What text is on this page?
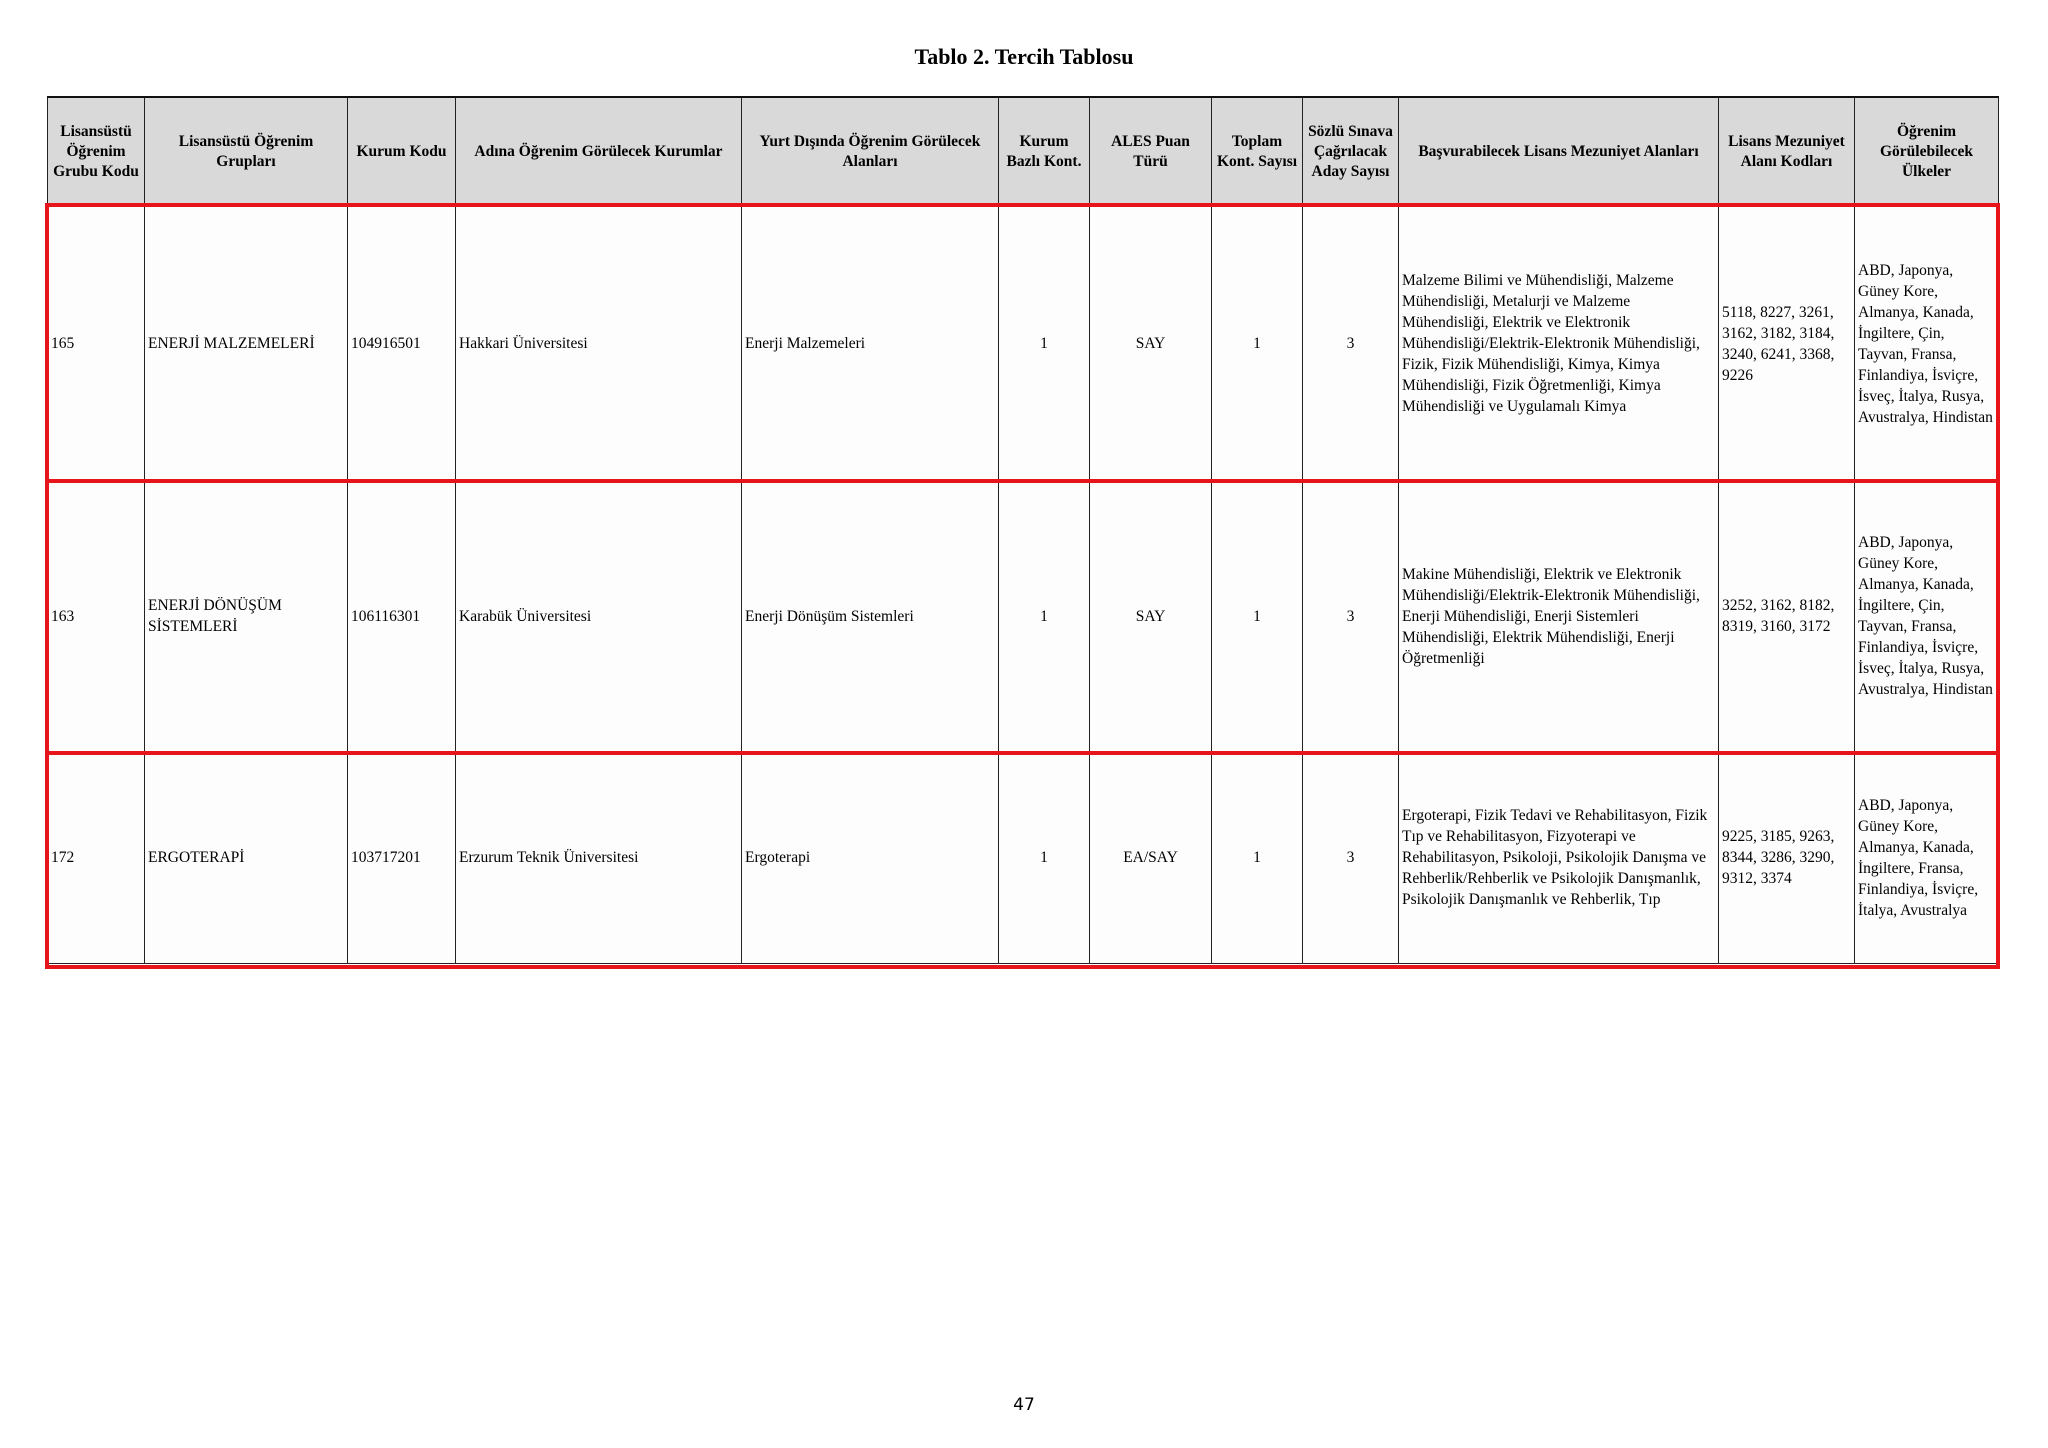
Tablo 2. Tercih Tablosu
Lisansüstü Öğrenim Grubu Kodu	Lisansüstü Öğrenim Grupları	Kurum Kodu	Adına Öğrenim Görülecek Kurumlar	Yurt Dışında Öğrenim Görülecek Alanları	Kurum Bazlı Kont.	ALES Puan Türü	Toplam Kont. Sayısı	Sözlü Sınava Çağrılacak Aday Sayısı	Başvurabilecek Lisans Mezuniyet Alanları	Lisans Mezuniyet Alanı Kodları	Öğrenim Görülebilecek Ülkeler
165	ENERJİ MALZEMELERİ	104916501	Hakkari Üniversitesi	Enerji Malzemeleri	1	SAY	1	3	Malzeme Bilimi ve Mühendisliği, Malzeme Mühendisliği, Metalurji ve Malzeme Mühendisliği, Elektrik ve Elektronik Mühendisliği/Elektrik-Elektronik Mühendisliği, Fizik, Fizik Mühendisliği, Kimya, Kimya Mühendisliği, Fizik Öğretmenliği, Kimya Mühendisliği ve Uygulamalı Kimya	5118, 8227, 3261, 3162, 3182, 3184, 3240, 6241, 3368, 9226	ABD, Japonya, Güney Kore, Almanya, Kanada, İngiltere, Çin, Tayvan, Fransa, Finlandiya, İsviçre, İsveç, İtalya, Rusya, Avustralya, Hindistan
163	ENERJİ DÖNÜŞÜM SİSTEMLERİ	106116301	Karabük Üniversitesi	Enerji Dönüşüm Sistemleri	1	SAY	1	3	Makine Mühendisliği, Elektrik ve Elektronik Mühendisliği/Elektrik-Elektronik Mühendisliği, Enerji Mühendisliği, Enerji Sistemleri Mühendisliği, Elektrik Mühendisliği, Enerji Öğretmenliği	3252, 3162, 8182, 8319, 3160, 3172	ABD, Japonya, Güney Kore, Almanya, Kanada, İngiltere, Çin, Tayvan, Fransa, Finlandiya, İsviçre, İsveç, İtalya, Rusya, Avustralya, Hindistan
172	ERGOTERAPİ	103717201	Erzurum Teknik Üniversitesi	Ergoterapi	1	EA/SAY	1	3	Ergoterapi, Fizik Tedavi ve Rehabilitasyon, Fizik Tıp ve Rehabilitasyon, Fizyoterapi ve Rehabilitasyon, Psikoloji, Psikolojik Danışma ve Rehberlik/Rehberlik ve Psikolojik Danışmanlık, Psikolojik Danışmanlık ve Rehberlik, Tıp	9225, 3185, 9263, 8344, 3286, 3290, 9312, 3374	ABD, Japonya, Güney Kore, Almanya, Kanada, İngiltere, Fransa, Finlandiya, İsviçre, İtalya, Avustralya
47
